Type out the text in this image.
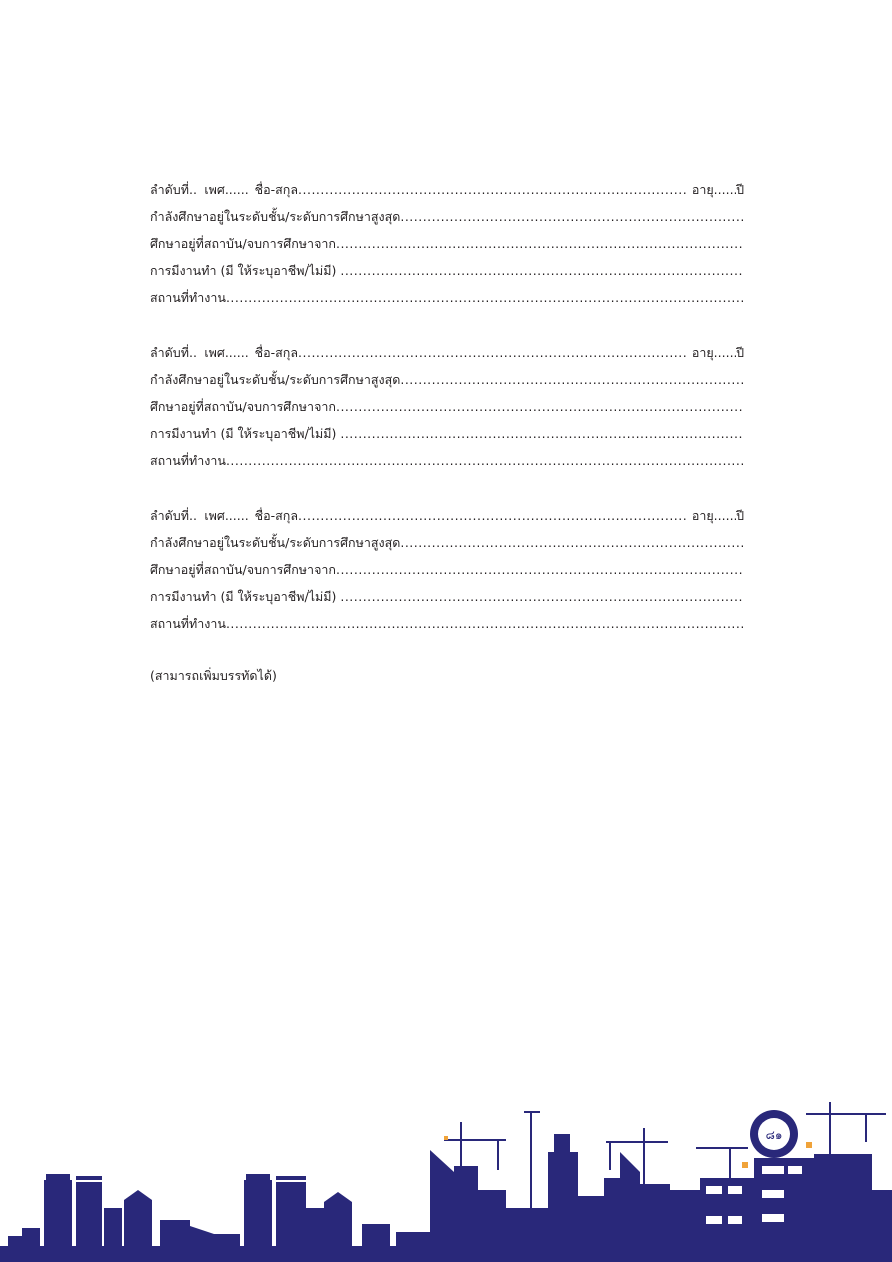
ลำดับที่ ..... เพศ ..... ชื่อ-สกุล .....	อายุ ..... ปี
กำลังศึกษาอยู่ในระดับชั้น/ระดับการศึกษาสูงสุด
.....
ศึกษาอยู่ที่สถาบัน/จบการศึกษาจาก
.....
การมีงานทำ (มี ให้ระบุอาชีพ/ไม่มี)
.....
สถานที่ทำงาน
.....
ลำดับที่ ..... เพศ ..... ชื่อ-สกุล .....	อายุ ..... ปี
กำลังศึกษาอยู่ในระดับชั้น/ระดับการศึกษาสูงสุด
.....
ศึกษาอยู่ที่สถาบัน/จบการศึกษาจาก
.....
การมีงานทำ (มี ให้ระบุอาชีพ/ไม่มี)
.....
สถานที่ทำงาน
.....
ลำดับที่ ..... เพศ ..... ชื่อ-สกุล .....	อายุ ..... ปี
กำลังศึกษาอยู่ในระดับชั้น/ระดับการศึกษาสูงสุด
.....
ศึกษาอยู่ที่สถาบัน/จบการศึกษาจาก
.....
การมีงานทำ (มี ให้ระบุอาชีพ/ไม่มี)
.....
สถานที่ทำงาน
.....
(สามารถเพิ่มบรรทัดได้)
๘๑
